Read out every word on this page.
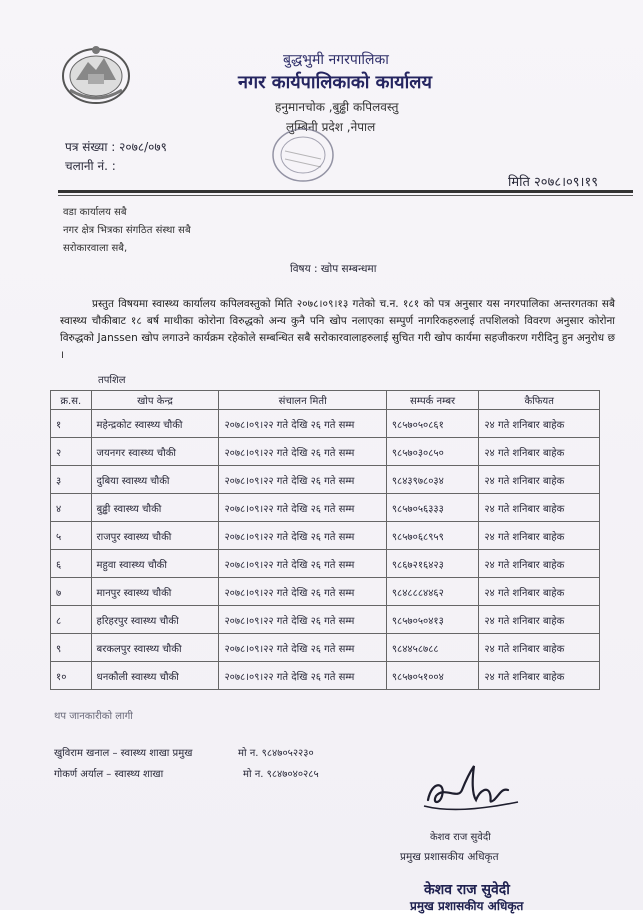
बुद्धभुमी नगरपालिका
नगर कार्यपालिकाको कार्यालय
हनुमानचोक ,बुढ्ढी कपिलवस्तु
लुम्बिनी प्रदेश ,नेपाल
पत्र संख्या : २०७८/०७९
चलानी नं. :
मिति २०७८।०९।१९
वडा कार्यालय सबै
नगर क्षेत्र भित्रका संगठित संस्था सबै
सरोकारवाला सबै,
विषय : खोप सम्बन्धमा
प्रस्तुत विषयमा स्वास्थ्य कार्यालय कपिलवस्तुको मिति २०७८।०९।१३ गतेको च.न. १८१ को पत्र अनुसार यस नगरपालिका अन्तरगतका सबै स्वास्थ्य चौकीबाट १८ बर्ष माथीका कोरोना विरुद्धको अन्य कुनै पनि खोप नलाएका सम्पुर्ण नागरिकहरुलाई तपशिलको विवरण अनुसार कोरोना विरुद्धको Janssen खोप लगाउने कार्यक्रम रहेकोले सम्बन्धित सबै सरोकारवालाहरुलाई सुचित गरी खोप कार्यमा सहजीकरण गरीदिनु हुन अनुरोध छ ।
तपशिल
क्र.स.	खोप केन्द्र	संचालन मिती	सम्पर्क नम्बर	कैफियत
१	महेन्द्रकोट स्वास्थ्य चौकी	२०७८।०९।२२ गते देखि २६ गते सम्म	९८५७०५०८६१	२४ गते शनिबार बाहेक
२	जयनगर स्वास्थ्य चौकी	२०७८।०९।२२ गते देखि २६ गते सम्म	९८५७०३०८५०	२४ गते शनिबार बाहेक
३	दुबिया स्वास्थ्य चौकी	२०७८।०९।२२ गते देखि २६ गते सम्म	९८४३९७८०३४	२४ गते शनिबार बाहेक
४	बुढ्ढी स्वास्थ्य चौकी	२०७८।०९।२२ गते देखि २६ गते सम्म	९८५७०५६३३३	२४ गते शनिबार बाहेक
५	राजपुर स्वास्थ्य चौकी	२०७८।०९।२२ गते देखि २६ गते सम्म	९८५७०६८९५९	२४ गते शनिबार बाहेक
६	महुवा स्वास्थ्य चौकी	२०७८।०९।२२ गते देखि २६ गते सम्म	९८६७२१६४२३	२४ गते शनिबार बाहेक
७	मानपुर स्वास्थ्य चौकी	२०७८।०९।२२ गते देखि २६ गते सम्म	९८४८८८४४६२	२४ गते शनिबार बाहेक
८	हरिहरपुर स्वास्थ्य चौकी	२०७८।०९।२२ गते देखि २६ गते सम्म	९८५७०५०४१३	२४ गते शनिबार बाहेक
९	बरकलपुर स्वास्थ्य चौकी	२०७८।०९।२२ गते देखि २६ गते सम्म	९८४४५८७८८	२४ गते शनिबार बाहेक
१०	धनकौली स्वास्थ्य चौकी	२०७८।०९।२२ गते देखि २६ गते सम्म	९८५७०५१००४	२४ गते शनिबार बाहेक
थप जानकारीको लागी
खुविराम खनाल – स्वास्थ्य शाखा प्रमुख	मो न. ९८४७०५२२३०
गोकर्ण अर्याल – स्वास्थ्य शाखा	मो न. ९८४७०४०२८५
केशव राज सुवेदी
प्रमुख प्रशासकीय अधिकृत
केशव राज सुवेदी
प्रमुख प्रशासकीय अधिकृत
